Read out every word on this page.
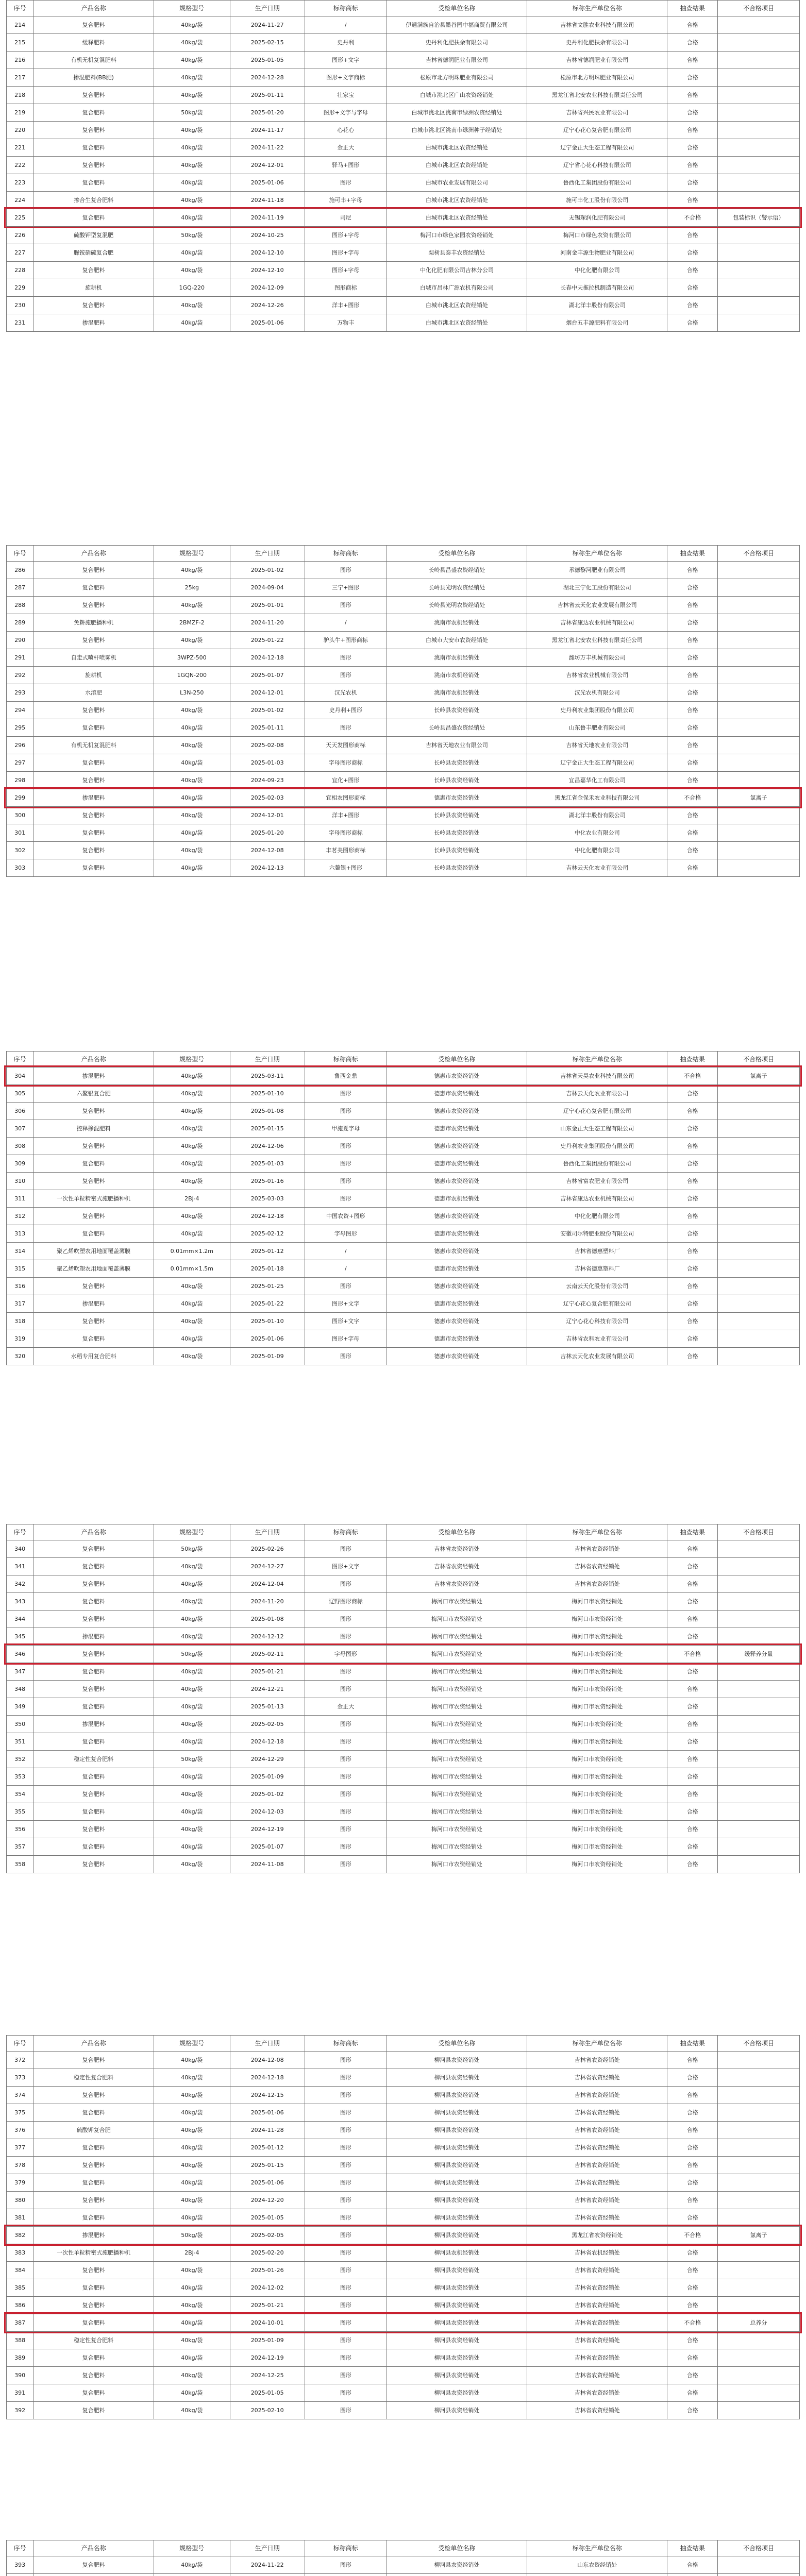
序号	产品名称	规格型号	生产日期	标称商标	受检单位名称	标称生产单位名称	抽查结果	不合格项目
214	复合肥料	40kg/袋	2024-11-27	/	伊通满族自治县墨谷园中福商贸有限公司	吉林省文胜农业科技有限公司	合格	
215	缓释肥料	40kg/袋	2025-02-15	史丹利	史丹利化肥扶余有限公司	史丹利化肥扶余有限公司	合格	
216	有机无机复混肥料	40kg/袋	2025-01-05	图形+文字	吉林省德润肥业有限公司	吉林省德润肥业有限公司	合格	
217	掺混肥料(BB肥)	40kg/袋	2024-12-28	图形+文字商标	松原市北方明珠肥业有限公司	松原市北方明珠肥业有限公司	合格	
218	复合肥料	40kg/袋	2025-01-11	壮家宝	白城市洮北区广山农资经销处	黑龙江省北安农业科技有限责任公司	合格	
219	复合肥料	50kg/袋	2025-01-20	图形+文字与字母	白城市洮北区洮南市绿洲农资经销处	吉林省兴民农业有限公司	合格	
220	复合肥料	40kg/袋	2024-11-17	心花心	白城市洮北区洮南市绿洲种子经销处	辽宁心花心复合肥有限公司	合格	
221	复合肥料	40kg/袋	2024-11-22	金正大	白城市洮北区农资经销处	辽宁金正大生态工程有限公司	合格	
222	复合肥料	40kg/袋	2024-12-01	驿马+图形	白城市洮北区农资经销处	辽宁省心花心科技有限公司	合格	
223	复合肥料	40kg/袋	2025-01-06	图形	白城市农业发展有限公司	鲁西化工集团股份有限公司	合格	
224	掺合生复合肥料	40kg/袋	2024-11-18	施可丰+字母	白城市洮北区农资经销处	施可丰化工股份有限公司	合格	
225	复合肥料	40kg/袋	2024-11-19	司尼	白城市洮北区农资经销处	无锡琛润化肥有限公司	不合格	包装标识（警示语）
226	硫酸钾型复混肥	50kg/袋	2024-10-25	图形+字母	梅河口市绿色家园农资经销处	梅河口市绿色农资有限公司	合格	
227	脲铵硝硫复合肥	40kg/袋	2024-12-10	图形+字母	梨树县泰丰农资经销处	河南金丰源生物肥业有限公司	合格	
228	复合肥料	40kg/袋	2024-12-10	图形+字母	中化化肥有限公司吉林分公司	中化化肥有限公司	合格	
229	旋耕机	1GQ-220	2024-12-09	图形商标	白城市昌林广源农机有限公司	长春中天拖拉机制造有限公司	合格	
230	复合肥料	40kg/袋	2024-12-26	洋丰+图形	白城市洮北区农资经销处	湖北洋丰股份有限公司	合格	
231	掺混肥料	40kg/袋	2025-01-06	万物丰	白城市洮北区农资经销处	烟台五丰源肥料有限公司	合格	
序号	产品名称	规格型号	生产日期	标称商标	受检单位名称	标称生产单位名称	抽查结果	不合格项目
286	复合肥料	40kg/袋	2025-01-02	图形	长岭县昌盛农资经销处	承德黎河肥业有限公司	合格	
287	复合肥料	25kg	2024-09-04	三宁+图形	长岭县光明农资经销处	湖北三宁化工股份有限公司	合格	
288	复合肥料	40kg/袋	2025-01-01	图形	长岭县光明农资经销处	吉林省云天化农业发展有限公司	合格	
289	免耕施肥播种机	2BMZF-2	2024-11-20	/	洮南市农机经销处	吉林省康达农业机械有限公司	合格	
290	复合肥料	40kg/袋	2025-01-22	驴头牛+图形商标	白城市大安市农资经销处	黑龙江省北安农业科技有限责任公司	合格	
291	自走式喷杆喷雾机	3WPZ-500	2024-12-18	图形	洮南市农机经销处	潍坊万丰机械有限公司	合格	
292	旋耕机	1GQN-200	2025-01-07	图形	洮南市农机经销处	吉林省农业机械有限公司	合格	
293	水溶肥	L3N-250	2024-12-01	汉光农机	洮南市农机经销处	汉光农机有限公司	合格	
294	复合肥料	40kg/袋	2025-01-02	史丹利+图形	长岭县农资经销处	史丹利农业集团股份有限公司	合格	
295	复合肥料	40kg/袋	2025-01-11	图形	长岭县昌盛农资经销处	山东鲁丰肥业有限公司	合格	
296	有机无机复混肥料	40kg/袋	2025-02-08	天天发图形商标	吉林省天地农业有限公司	吉林省天地农业有限公司	合格	
297	复合肥料	40kg/袋	2025-01-03	字母图形商标	长岭县农资经销处	辽宁金正大生态工程有限公司	合格	
298	复合肥料	40kg/袋	2024-09-23	宜化+图形	长岭县农资经销处	宜昌嘉华化工有限公司	合格	
299	掺混肥料	40kg/袋	2025-02-03	宜相农图形商标	德惠市农资经销处	黑龙江省金保禾农业科技有限公司	不合格	氯离子
300	复合肥料	40kg/袋	2024-12-01	洋丰+图形	长岭县农资经销处	湖北洋丰股份有限公司	合格	
301	复合肥料	40kg/袋	2025-01-20	字母图形商标	长岭县农资经销处	中化农业有限公司	合格	
302	复合肥料	40kg/袋	2024-12-08	丰茗美图形商标	长岭县农资经销处	中化化肥有限公司	合格	
303	复合肥料	40kg/袋	2024-12-13	六鳌银+图形	长岭县农资经销处	吉林云天化农业有限公司	合格	
序号	产品名称	规格型号	生产日期	标称商标	受检单位名称	标称生产单位名称	抽查结果	不合格项目
304	掺混肥料	40kg/袋	2025-03-11	鲁西金鼎	德惠市农资经销处	吉林省天昊农业科技有限公司	不合格	氯离子
305	六鳌银复合肥	40kg/袋	2025-01-10	图形	德惠市农资经销处	吉林云天化农业有限公司	合格	
306	复合肥料	40kg/袋	2025-01-08	图形	德惠市农资经销处	辽宁心花心复合肥有限公司	合格	
307	控释掺混肥料	40kg/袋	2025-01-15	甲施夏字母	德惠市农资经销处	山东金正大生态工程有限公司	合格	
308	复合肥料	40kg/袋	2024-12-06	图形	德惠市农资经销处	史丹利农业集团股份有限公司	合格	
309	复合肥料	40kg/袋	2025-01-03	图形	德惠市农资经销处	鲁西化工集团股份有限公司	合格	
310	复合肥料	40kg/袋	2025-01-16	图形	德惠市农资经销处	吉林省富农肥业有限公司	合格	
311	一次性单粒精密式施肥播种机	2BJ-4	2025-03-03	图形	德惠市农机经销处	吉林省康达农业机械有限公司	合格	
312	复合肥料	40kg/袋	2024-12-18	中国农资+图形	德惠市农资经销处	中化化肥有限公司	合格	
313	复合肥料	40kg/袋	2025-02-12	字母图形	德惠市农资经销处	安徽司尔特肥业股份有限公司	合格	
314	聚乙烯吹塑农用地面覆盖薄膜	0.01mm×1.2m	2025-01-12	/	德惠市农资经销处	吉林省德惠塑料厂	合格	
315	聚乙烯吹塑农用地面覆盖薄膜	0.01mm×1.5m	2025-01-18	/	德惠市农资经销处	吉林省德惠塑料厂	合格	
316	复合肥料	40kg/袋	2025-01-25	图形	德惠市农资经销处	云南云天化股份有限公司	合格	
317	掺混肥料	40kg/袋	2025-01-22	图形+文字	德惠市农资经销处	辽宁心花心复合肥有限公司	合格	
318	复合肥料	40kg/袋	2025-01-10	图形+文字	德惠市农资经销处	辽宁心花心科技有限公司	合格	
319	复合肥料	40kg/袋	2025-01-06	图形+字母	德惠市农资经销处	吉林省农科农业有限公司	合格	
320	水稻专用复合肥料	40kg/袋	2025-01-09	图形	德惠市农资经销处	吉林云天化农业发展有限公司	合格	
序号	产品名称	规格型号	生产日期	标称商标	受检单位名称	标称生产单位名称	抽查结果	不合格项目
340	复合肥料	50kg/袋	2025-02-26	图形	吉林省农资经销处	吉林省农资经销处	合格	
341	复合肥料	40kg/袋	2024-12-27	图形+文字	吉林省农资经销处	吉林省农资经销处	合格	
342	复合肥料	40kg/袋	2024-12-04	图形	吉林省农资经销处	吉林省农资经销处	合格	
343	复合肥料	40kg/袋	2024-11-20	辽野图形商标	梅河口市农资经销处	梅河口市农资经销处	合格	
344	复合肥料	40kg/袋	2025-01-08	图形	梅河口市农资经销处	梅河口市农资经销处	合格	
345	掺混肥料	40kg/袋	2024-12-12	图形	梅河口市农资经销处	梅河口市农资经销处	合格	
346	复合肥料	50kg/袋	2025-02-11	字母图形	梅河口市农资经销处	梅河口市农资经销处	不合格	缓释养分量
347	复合肥料	40kg/袋	2025-01-21	图形	梅河口市农资经销处	梅河口市农资经销处	合格	
348	复合肥料	40kg/袋	2024-12-21	图形	梅河口市农资经销处	梅河口市农资经销处	合格	
349	复合肥料	40kg/袋	2025-01-13	金正大	梅河口市农资经销处	梅河口市农资经销处	合格	
350	掺混肥料	40kg/袋	2025-02-05	图形	梅河口市农资经销处	梅河口市农资经销处	合格	
351	复合肥料	40kg/袋	2024-12-18	图形	梅河口市农资经销处	梅河口市农资经销处	合格	
352	稳定性复合肥料	50kg/袋	2024-12-29	图形	梅河口市农资经销处	梅河口市农资经销处	合格	
353	复合肥料	40kg/袋	2025-01-09	图形	梅河口市农资经销处	梅河口市农资经销处	合格	
354	复合肥料	40kg/袋	2025-01-02	图形	梅河口市农资经销处	梅河口市农资经销处	合格	
355	复合肥料	40kg/袋	2024-12-03	图形	梅河口市农资经销处	梅河口市农资经销处	合格	
356	复合肥料	40kg/袋	2024-12-19	图形	梅河口市农资经销处	梅河口市农资经销处	合格	
357	复合肥料	40kg/袋	2025-01-07	图形	梅河口市农资经销处	梅河口市农资经销处	合格	
358	复合肥料	40kg/袋	2024-11-08	图形	梅河口市农资经销处	梅河口市农资经销处	合格	
序号	产品名称	规格型号	生产日期	标称商标	受检单位名称	标称生产单位名称	抽查结果	不合格项目
372	复合肥料	40kg/袋	2024-12-08	图形	柳河县农资经销处	吉林省农资经销处	合格	
373	稳定性复合肥料	40kg/袋	2024-12-18	图形	柳河县农资经销处	吉林省农资经销处	合格	
374	复合肥料	40kg/袋	2024-12-15	图形	柳河县农资经销处	吉林省农资经销处	合格	
375	复合肥料	40kg/袋	2025-01-06	图形	柳河县农资经销处	吉林省农资经销处	合格	
376	硫酸钾复合肥	40kg/袋	2024-11-28	图形	柳河县农资经销处	吉林省农资经销处	合格	
377	复合肥料	40kg/袋	2025-01-12	图形	柳河县农资经销处	吉林省农资经销处	合格	
378	复合肥料	40kg/袋	2025-01-15	图形	柳河县农资经销处	吉林省农资经销处	合格	
379	复合肥料	40kg/袋	2025-01-06	图形	柳河县农资经销处	吉林省农资经销处	合格	
380	复合肥料	40kg/袋	2024-12-20	图形	柳河县农资经销处	吉林省农资经销处	合格	
381	复合肥料	40kg/袋	2025-01-05	图形	柳河县农资经销处	吉林省农资经销处	合格	
382	掺混肥料	50kg/袋	2025-02-05	图形	柳河县农资经销处	黑龙江省农资经销处	不合格	氯离子
383	一次性单粒精密式施肥播种机	2BJ-4	2025-02-20	图形	柳河县农机经销处	吉林省农机经销处	合格	
384	复合肥料	40kg/袋	2025-01-26	图形	柳河县农资经销处	吉林省农资经销处	合格	
385	复合肥料	40kg/袋	2024-12-02	图形	柳河县农资经销处	吉林省农资经销处	合格	
386	复合肥料	40kg/袋	2025-01-21	图形	柳河县农资经销处	吉林省农资经销处	合格	
387	复合肥料	40kg/袋	2024-10-01	图形	柳河县农资经销处	吉林省农资经销处	不合格	总养分
388	稳定性复合肥料	40kg/袋	2025-01-09	图形	柳河县农资经销处	吉林省农资经销处	合格	
389	复合肥料	40kg/袋	2024-12-19	图形	柳河县农资经销处	吉林省农资经销处	合格	
390	复合肥料	40kg/袋	2024-12-25	图形	柳河县农资经销处	吉林省农资经销处	合格	
391	复合肥料	40kg/袋	2025-01-05	图形	柳河县农资经销处	吉林省农资经销处	合格	
392	复合肥料	40kg/袋	2025-02-10	图形	柳河县农资经销处	吉林省农资经销处	合格	
序号	产品名称	规格型号	生产日期	标称商标	受检单位名称	标称生产单位名称	抽查结果	不合格项目
393	复合肥料	40kg/袋	2024-11-22	图形	柳河县农资经销处	山东农资经销处	合格	
